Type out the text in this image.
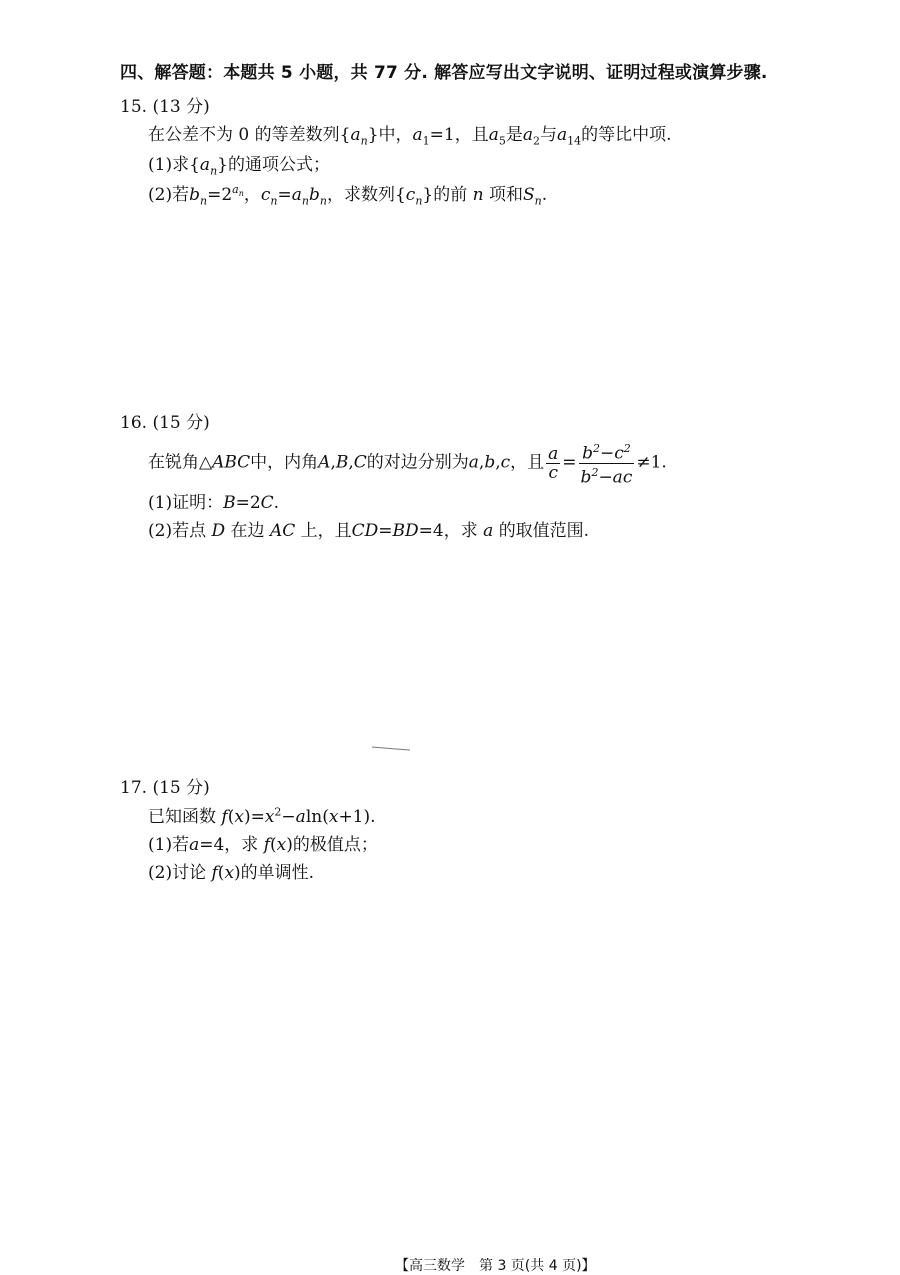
四、解答题：本题共 5 小题，共 77 分. 解答应写出文字说明、证明过程或演算步骤.
15. (13 分)
在公差不为 0 的等差数列$\{a_n\}$中，$a_1=1$，且$a_5$是$a_2$与$a_{14}$的等比中项.
(1)求$\{a_n\}$的通项公式；
(2)若$b_n=2^{a_n}$，$c_n=a_nb_n$，求数列$\{c_n\}$的前 n 项和$S_n$.
16. (15 分)
在锐角△ABC中，内角A,B,C的对边分别为a,b,c，且 $\frac{a}{c} = \frac{b^2-c^2}{b^2-ac} \ne 1$.
(1)证明：B=2C.
(2)若点 D 在边 AC 上，且CD=BD=4，求 a 的取值范围.
17. (15 分)
已知函数 $f(x)=x^2-aln(x+1)$.
(1)若a=4，求 f(x)的极值点；
(2)讨论 f(x)的单调性.
【高三数学　第 3 页(共 4 页)】
